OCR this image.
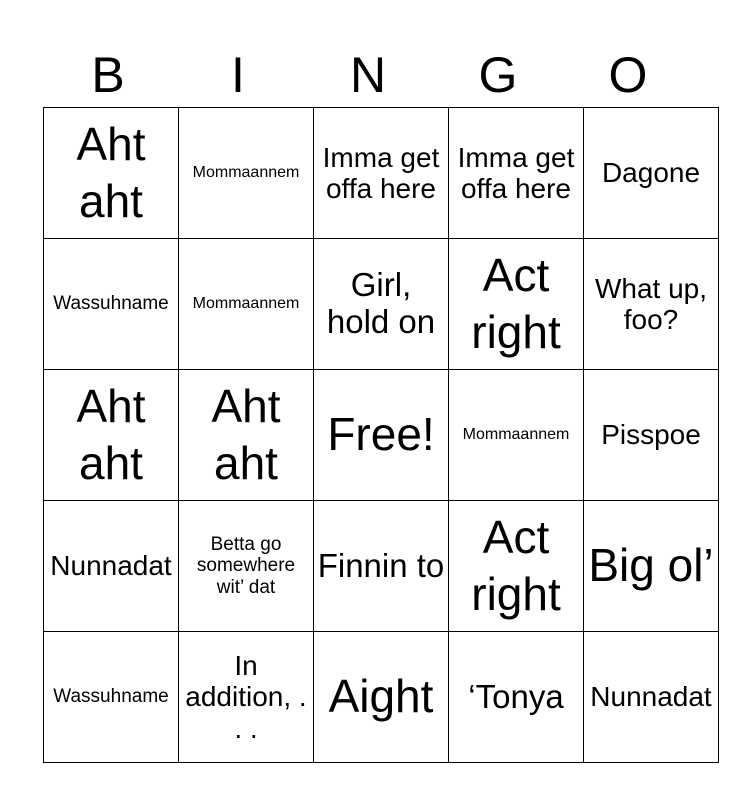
B	I	N	G	O
Aht aht	Mommaannem	Imma get offa here	Imma get offa here	Dagone
Wassuhname	Mommaannem	Girl, hold on	Act right	What up, foo?
Aht aht	Aht aht	Free!	Mommaannem	Pisspoe
Nunnadat	Betta go somewhere wit’ dat	Finnin to	Act right	Big ol’
Wassuhname	In addition, . . .	Aight	‘Tonya	Nunnadat
